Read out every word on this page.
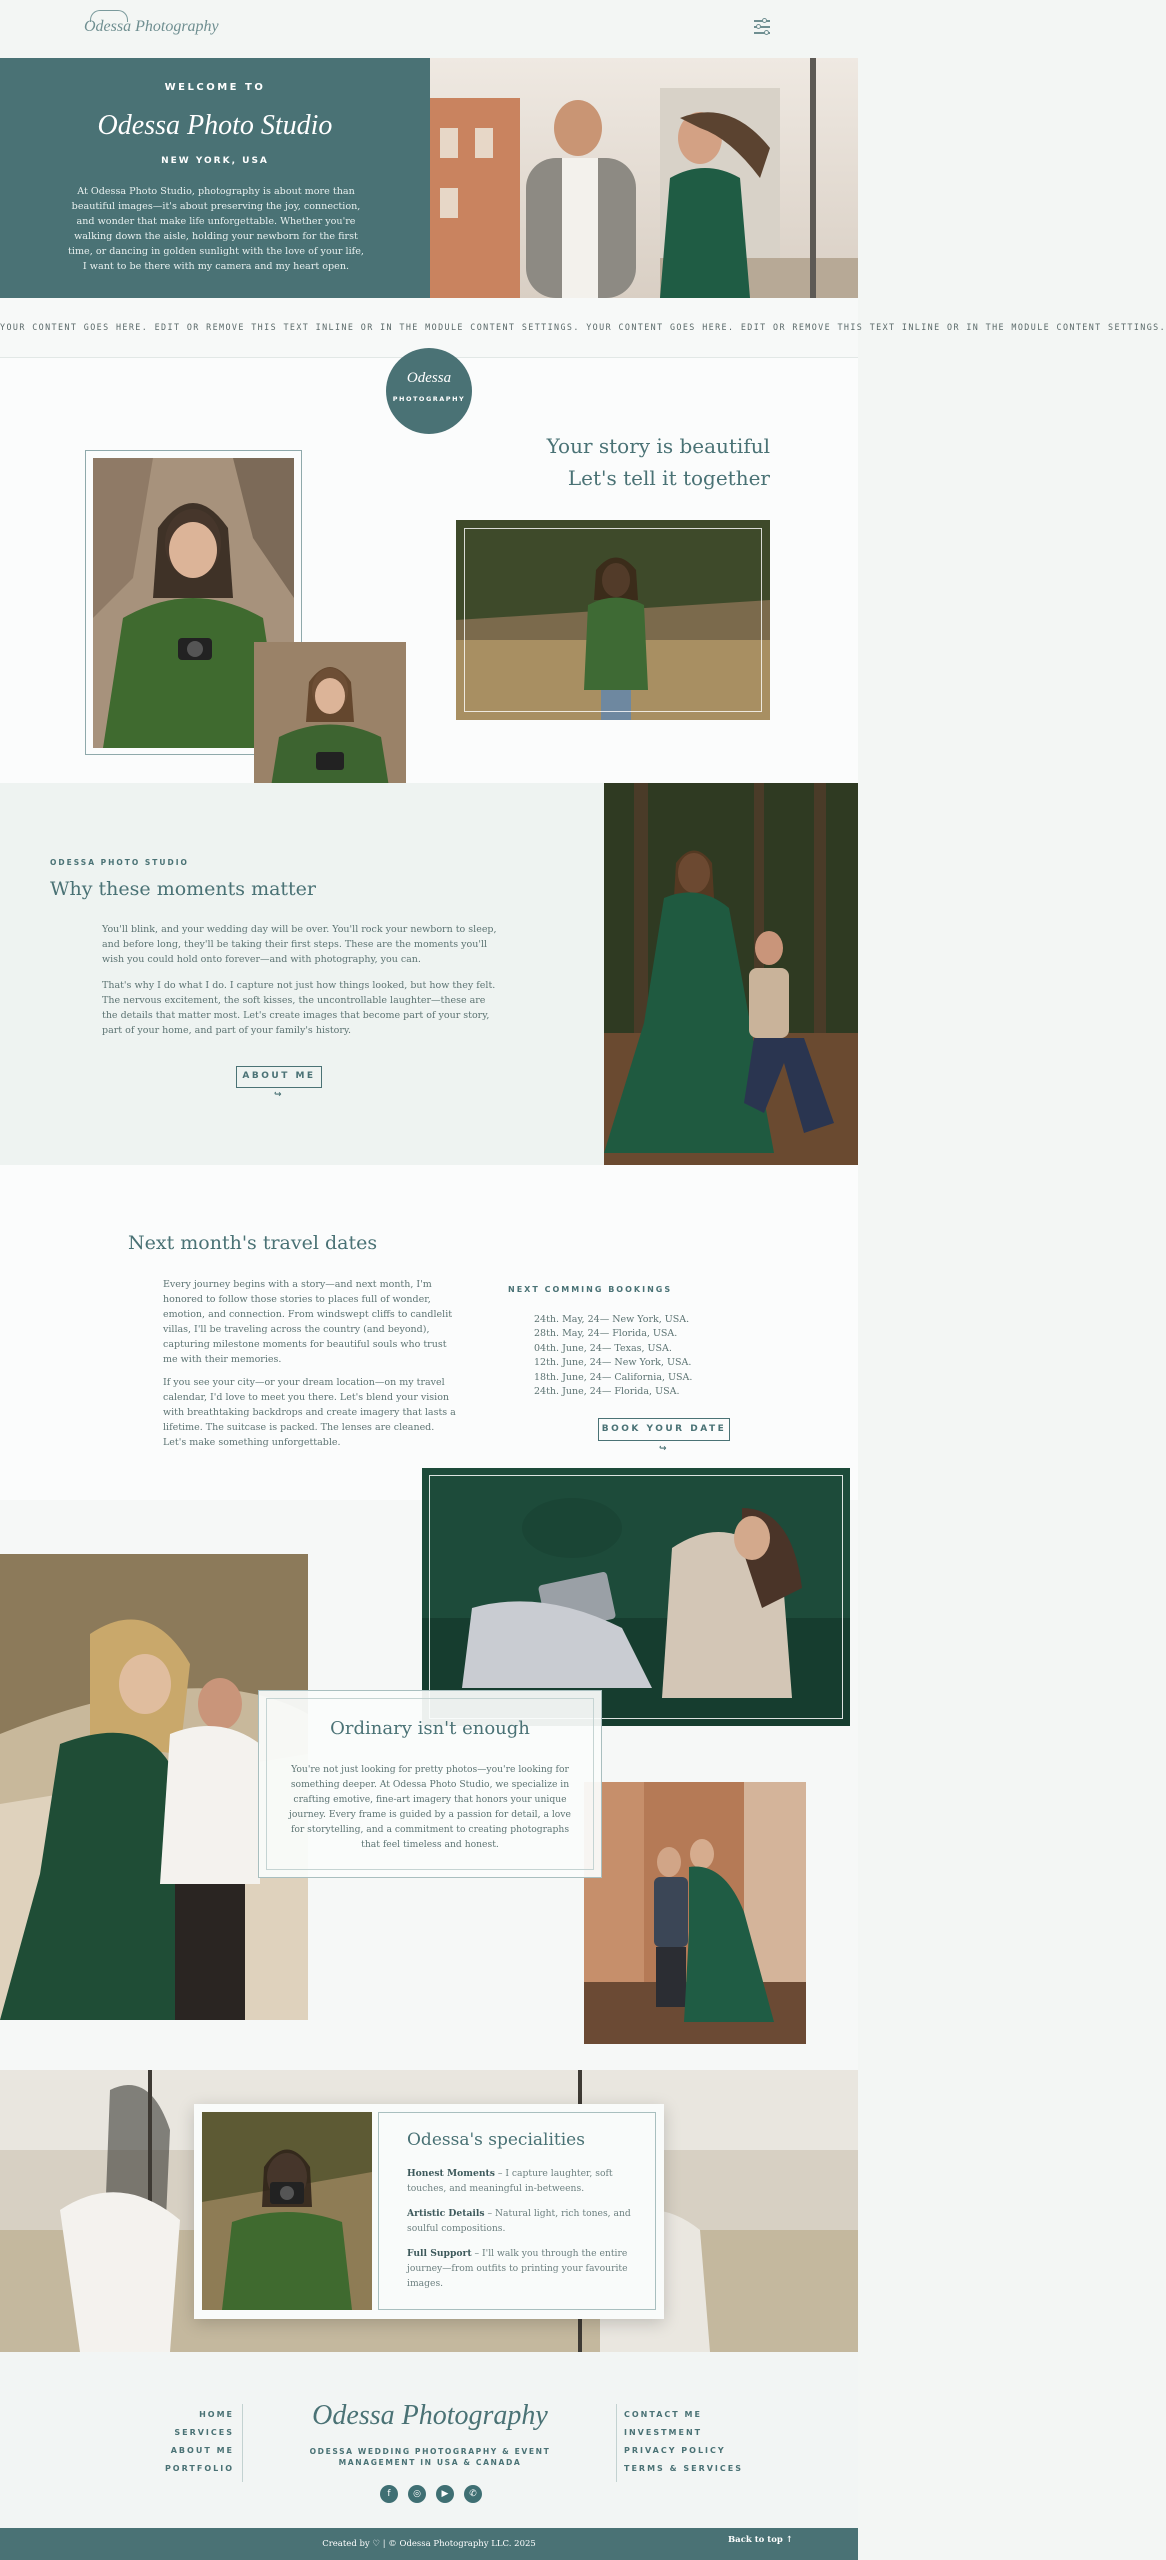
Odessa Photography
WELCOME TO
Odessa Photo Studio
NEW YORK, USA
At Odessa Photo Studio, photography is about more than beautiful images—it's about preserving the joy, connection, and wonder that make life unforgettable. Whether you're walking down the aisle, holding your newborn for the first time, or dancing in golden sunlight with the love of your life, I want to be there with my camera and my heart open.
YOUR CONTENT GOES HERE. EDIT OR REMOVE THIS TEXT INLINE OR IN THE MODULE CONTENT SETTINGS. YOUR CONTENT GOES HERE. EDIT OR REMOVE THIS TEXT INLINE OR IN THE MODULE CONTENT SETTINGS.
Odessa
PHOTOGRAPHY
Your story is beautiful
Let's tell it together
ODESSA PHOTO STUDIO
Why these moments matter
You'll blink, and your wedding day will be over. You'll rock your newborn to sleep, and before long, they'll be taking their first steps. These are the moments you'll wish you could hold onto forever—and with photography, you can.
That's why I do what I do. I capture not just how things looked, but how they felt. The nervous excitement, the soft kisses, the uncontrollable laughter—these are the details that matter most. Let's create images that become part of your story, part of your home, and part of your family's history.
ABOUT ME ↪
Next month's travel dates
Every journey begins with a story—and next month, I'm honored to follow those stories to places full of wonder, emotion, and connection. From windswept cliffs to candlelit villas, I'll be traveling across the country (and beyond), capturing milestone moments for beautiful souls who trust me with their memories.
If you see your city—or your dream location—on my travel calendar, I'd love to meet you there. Let's blend your vision with breathtaking backdrops and create imagery that lasts a lifetime. The suitcase is packed. The lenses are cleaned. Let's make something unforgettable.
NEXT COMMING BOOKINGS
24th. May, 24— New York, USA.
28th. May, 24— Florida, USA.
04th. June, 24— Texas, USA.
12th. June, 24— New York, USA.
18th. June, 24— California, USA.
24th. June, 24— Florida, USA.
BOOK YOUR DATE ↪
Ordinary isn't enough
You're not just looking for pretty photos—you're looking for something deeper. At Odessa Photo Studio, we specialize in crafting emotive, fine-art imagery that honors your unique journey. Every frame is guided by a passion for detail, a love for storytelling, and a commitment to creating photographs that feel timeless and honest.
Odessa's specialities
Honest Moments – I capture laughter, soft touches, and meaningful in-betweens.
Artistic Details – Natural light, rich tones, and soulful compositions.
Full Support – I'll walk you through the entire journey—from outfits to printing your favourite images.
HOME
SERVICES
ABOUT ME
PORTFOLIO
Odessa Photography
ODESSA WEDDING PHOTOGRAPHY & EVENT MANAGEMENT IN USA & CANADA
f	◎	▶	✆
CONTACT ME
INVESTMENT
PRIVACY POLICY
TERMS & SERVICES
Created by ♡ | © Odessa Photography LLC. 2025	Back to top ↑
